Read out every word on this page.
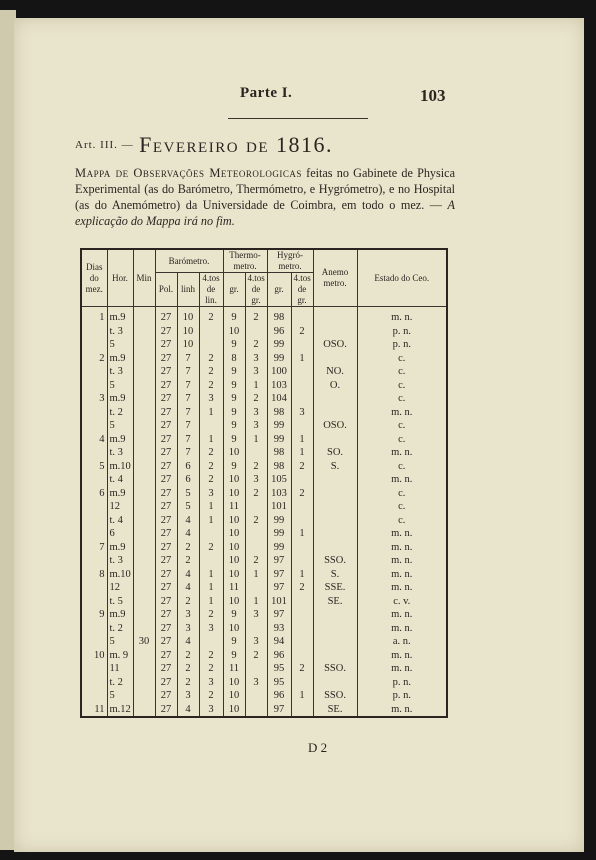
Parte I.	103
Art. III. — Fevereiro de 1816.
Mappa de Observações Meteorologicas feitas no Gabinete de Physica Experimental (as do Barómetro, Thermómetro, e Hygrómetro), e no Hospital (as do Anemómetro) da Universidade de Coimbra, em todo o mez. — A explicação do Mappa irá no fim.
Dias do mez.	Hor.	Min	Barómetro.			Thermo- metro.		Hygró- metro.		Anemo metro.	Estado do Ceo.
			Pol.	linh	4.tos de lin.	gr.	4.tos de gr.	gr.	4.tos de gr.		
1	m.9		27	10	2	9	2	98			m. n.
	t. 3		27	10		10		96	2		p. n.
	5		27	10		9	2	99		OSO.	p. n.
2	m.9		27	7	2	8	3	99	1		c.
	t. 3		27	7	2	9	3	100		NO.	c.
	5		27	7	2	9	1	103		O.	c.
3	m.9		27	7	3	9	2	104			c.
	t. 2		27	7	1	9	3	98	3		m. n.
	5		27	7		9	3	99		OSO.	c.
4	m.9		27	7	1	9	1	99	1		c.
	t. 3		27	7	2	10		98	1	SO.	m. n.
5	m.10		27	6	2	9	2	98	2	S.	c.
	t. 4		27	6	2	10	3	105			m. n.
6	m.9		27	5	3	10	2	103	2		c.
	12		27	5	1	11		101			c.
	t. 4		27	4	1	10	2	99			c.
	6		27	4		10		99	1		m. n.
7	m.9		27	2	2	10		99			m. n.
	t. 3		27	2		10	2	97		SSO.	m. n.
8	m.10		27	4	1	10	1	97	1	S.	m. n.
	12		27	4	1	11		97	2	SSE.	m. n.
	t. 5		27	2	1	10	1	101		SE.	c. v.
9	m.9		27	3	2	9	3	97			m. n.
	t. 2		27	3	3	10		93			m. n.
	5	30	27	4		9	3	94			a. n.
10	m. 9		27	2	2	9	2	96			m. n.
	11		27	2	2	11		95	2	SSO.	m. n.
	t. 2		27	2	3	10	3	95			p. n.
	5		27	3	2	10		96	1	SSO.	p. n.
11	m.12		27	4	3	10		97		SE.	m. n.
D 2
